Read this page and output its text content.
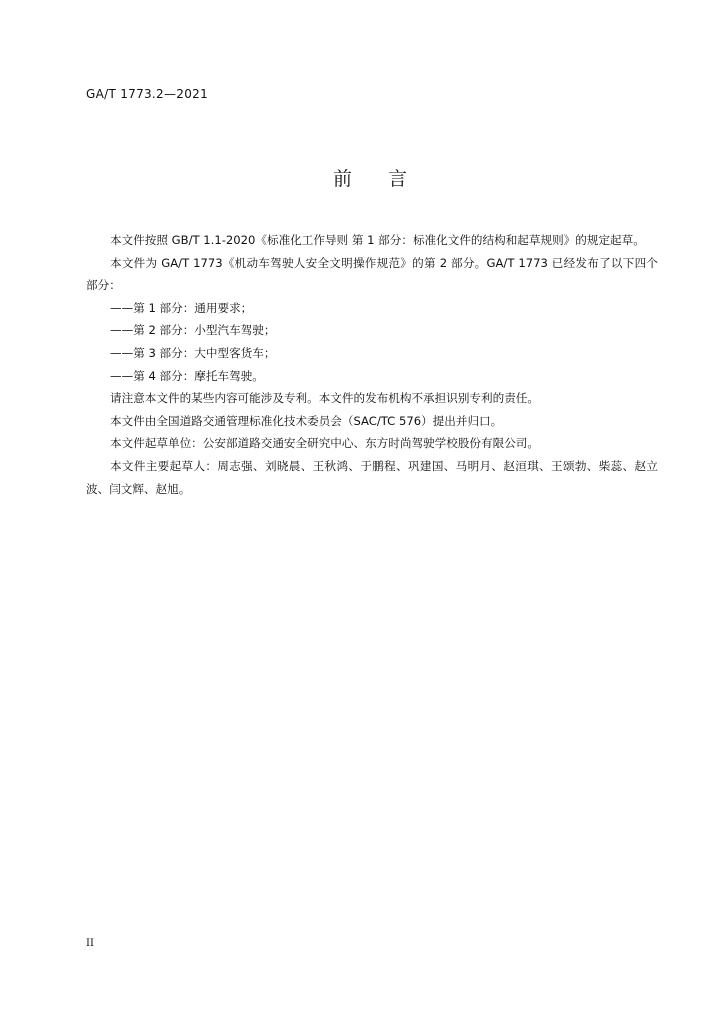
GA/T 1773.2—2021
前言

本文件按照 GB/T 1.1-2020《标准化工作导则 第 1 部分：标准化文件的结构和起草规则》的规定起草。

本文件为 GA/T 1773《机动车驾驶人安全文明操作规范》的第 2 部分。GA/T 1773 已经发布了以下四个部分：

——第 1 部分：通用要求；

——第 2 部分：小型汽车驾驶；

——第 3 部分：大中型客货车；

——第 4 部分：摩托车驾驶。

请注意本文件的某些内容可能涉及专利。本文件的发布机构不承担识别专利的责任。

本文件由全国道路交通管理标准化技术委员会（SAC/TC 576）提出并归口。

本文件起草单位：公安部道路交通安全研究中心、东方时尚驾驶学校股份有限公司。

本文件主要起草人：周志强、刘晓晨、王秋鸿、于鹏程、巩建国、马明月、赵洹琪、王颂勃、柴蕊、赵立波、闫文辉、赵旭。

II
